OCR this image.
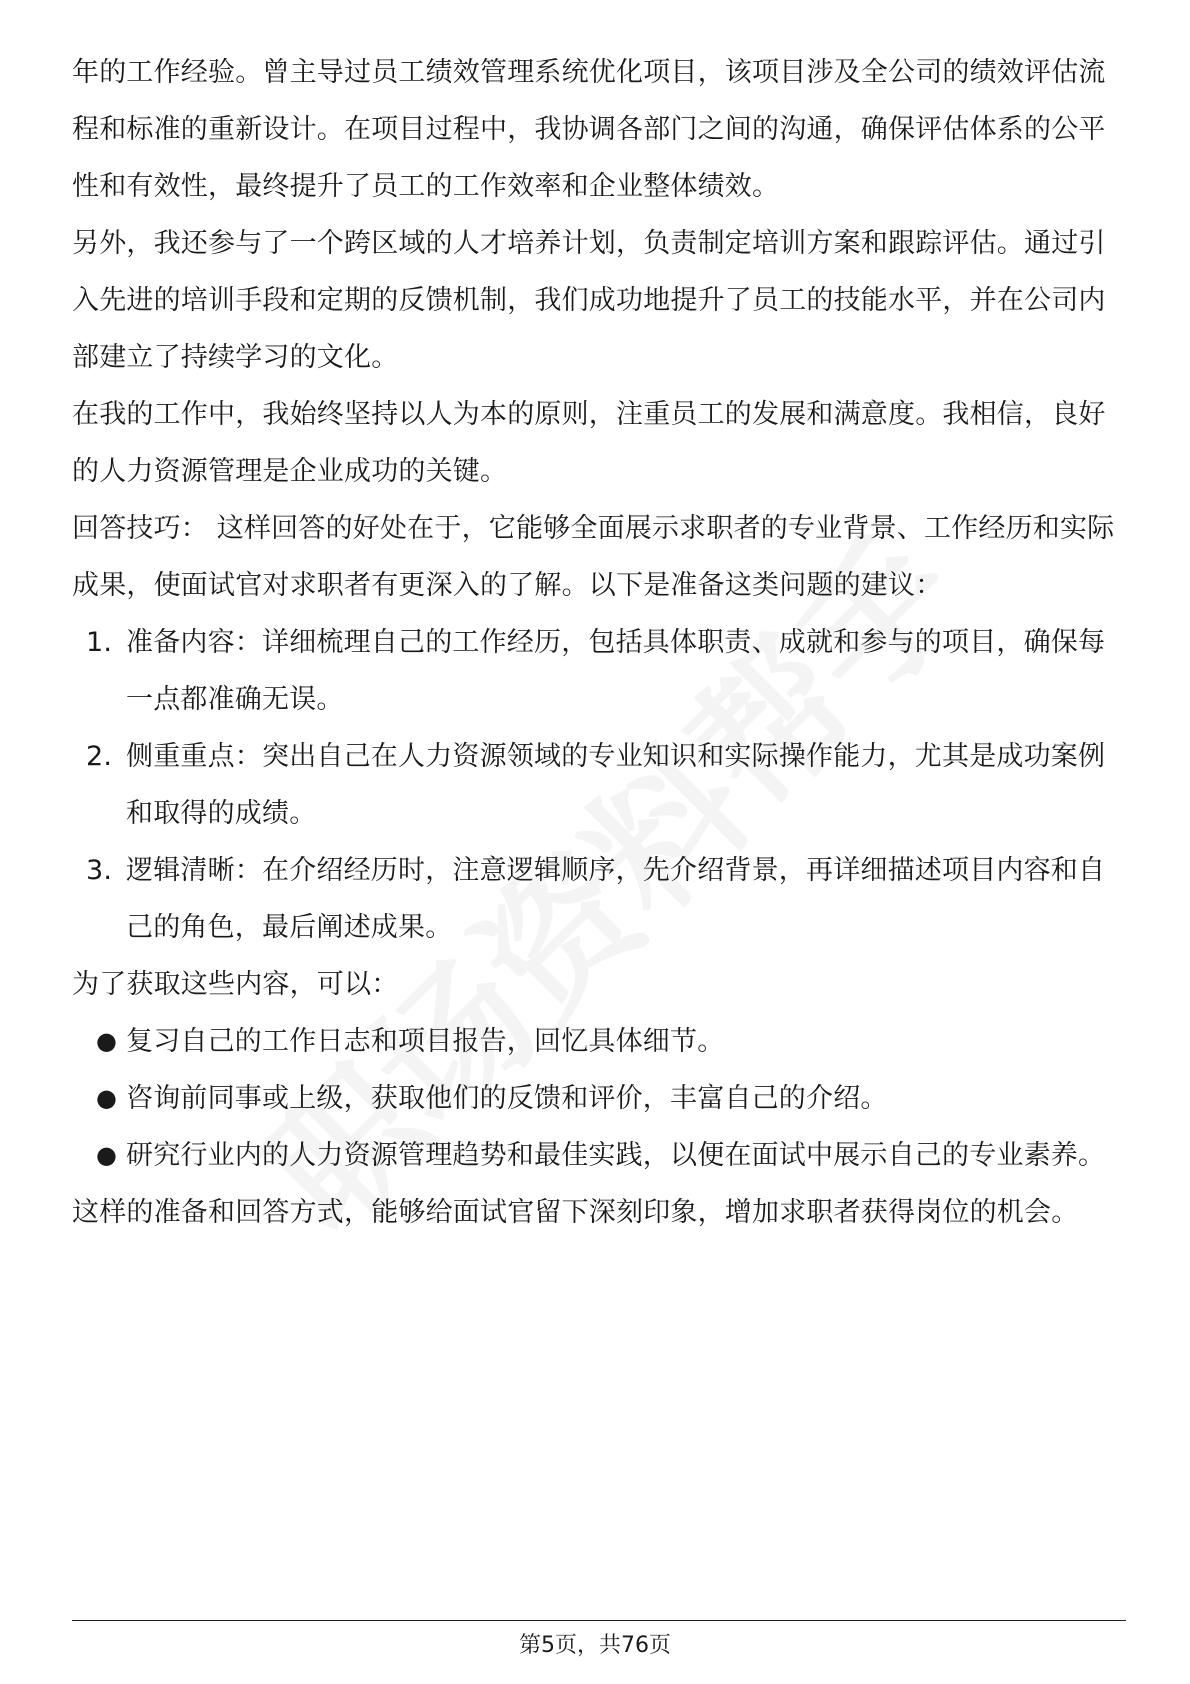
年的工作经验。曾主导过员工绩效管理系统优化项目，该项目涉及全公司的绩效评估流程和标准的重新设计。在项目过程中，我协调各部门之间的沟通，确保评估体系的公平性和有效性，最终提升了员工的工作效率和企业整体绩效。

另外，我还参与了一个跨区域的人才培养计划，负责制定培训方案和跟踪评估。通过引入先进的培训手段和定期的反馈机制，我们成功地提升了员工的技能水平，并在公司内部建立了持续学习的文化。

在我的工作中，我始终坚持以人为本的原则，注重员工的发展和满意度。我相信，良好的人力资源管理是企业成功的关键。

回答技巧： 这样回答的好处在于，它能够全面展示求职者的专业背景、工作经历和实际成果，使面试官对求职者有更深入的了解。以下是准备这类问题的建议：

1. 准备内容：详细梳理自己的工作经历，包括具体职责、成就和参与的项目，确保每一点都准确无误。
2. 侧重重点：突出自己在人力资源领域的专业知识和实际操作能力，尤其是成功案例和取得的成绩。
3. 逻辑清晰：在介绍经历时，注意逻辑顺序，先介绍背景，再详细描述项目内容和自己的角色，最后阐述成果。

为了获取这些内容，可以：

● 复习自己的工作日志和项目报告，回忆具体细节。
● 咨询前同事或上级，获取他们的反馈和评价，丰富自己的介绍。
● 研究行业内的人力资源管理趋势和最佳实践，以便在面试中展示自己的专业素养。

这样的准备和回答方式，能够给面试官留下深刻印象，增加求职者获得岗位的机会。

第5页，共76页
